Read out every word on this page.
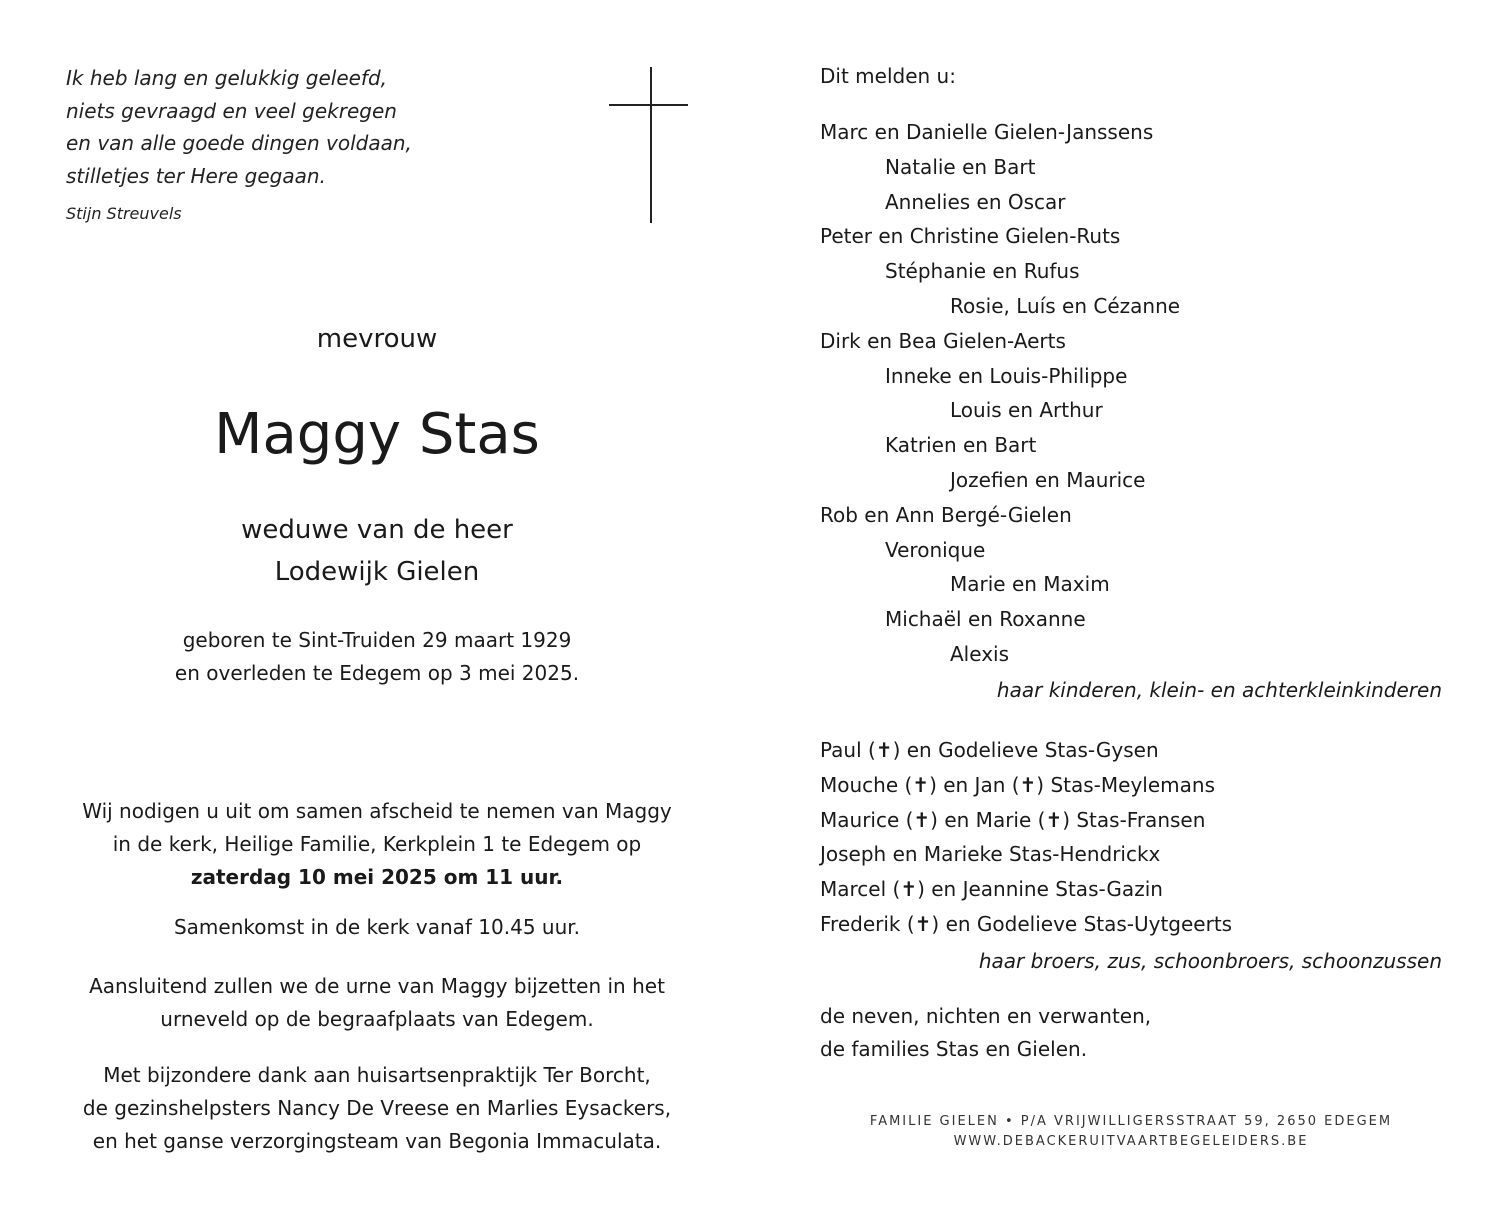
Ik heb lang en gelukkig geleefd,
niets gevraagd en veel gekregen
en van alle goede dingen voldaan,
stilletjes ter Here gegaan.
Stijn Streuvels
mevrouw
Maggy Stas
weduwe van de heer
Lodewijk Gielen
geboren te Sint-Truiden 29 maart 1929
en overleden te Edegem op 3 mei 2025.
Wij nodigen u uit om samen afscheid te nemen van Maggy
in de kerk, Heilige Familie, Kerkplein 1 te Edegem op
zaterdag 10 mei 2025 om 11 uur.
Samenkomst in de kerk vanaf 10.45 uur.
Aansluitend zullen we de urne van Maggy bijzetten in het
urneveld op de begraafplaats van Edegem.
Met bijzondere dank aan huisartsenpraktijk Ter Borcht,
de gezinshelpsters Nancy De Vreese en Marlies Eysackers,
en het ganse verzorgingsteam van Begonia Immaculata.
Dit melden u:
Marc en Danielle Gielen-Janssens
Natalie en Bart
Annelies en Oscar
Peter en Christine Gielen-Ruts
Stéphanie en Rufus
Rosie, Luís en Cézanne
Dirk en Bea Gielen-Aerts
Inneke en Louis-Philippe
Louis en Arthur
Katrien en Bart
Jozefien en Maurice
Rob en Ann Bergé-Gielen
Veronique
Marie en Maxim
Michaël en Roxanne
Alexis
haar kinderen, klein- en achterkleinkinderen
Paul (✝) en Godelieve Stas-Gysen
Mouche (✝) en Jan (✝) Stas-Meylemans
Maurice (✝) en Marie (✝) Stas-Fransen
Joseph en Marieke Stas-Hendrickx
Marcel (✝) en Jeannine Stas-Gazin
Frederik (✝) en Godelieve Stas-Uytgeerts
haar broers, zus, schoonbroers, schoonzussen
de neven, nichten en verwanten,
de families Stas en Gielen.
FAMILIE GIELEN • P/A VRIJWILLIGERSSTRAAT 59, 2650 EDEGEM
WWW.DEBACKERUITVAARTBEGELEIDERS.BE
